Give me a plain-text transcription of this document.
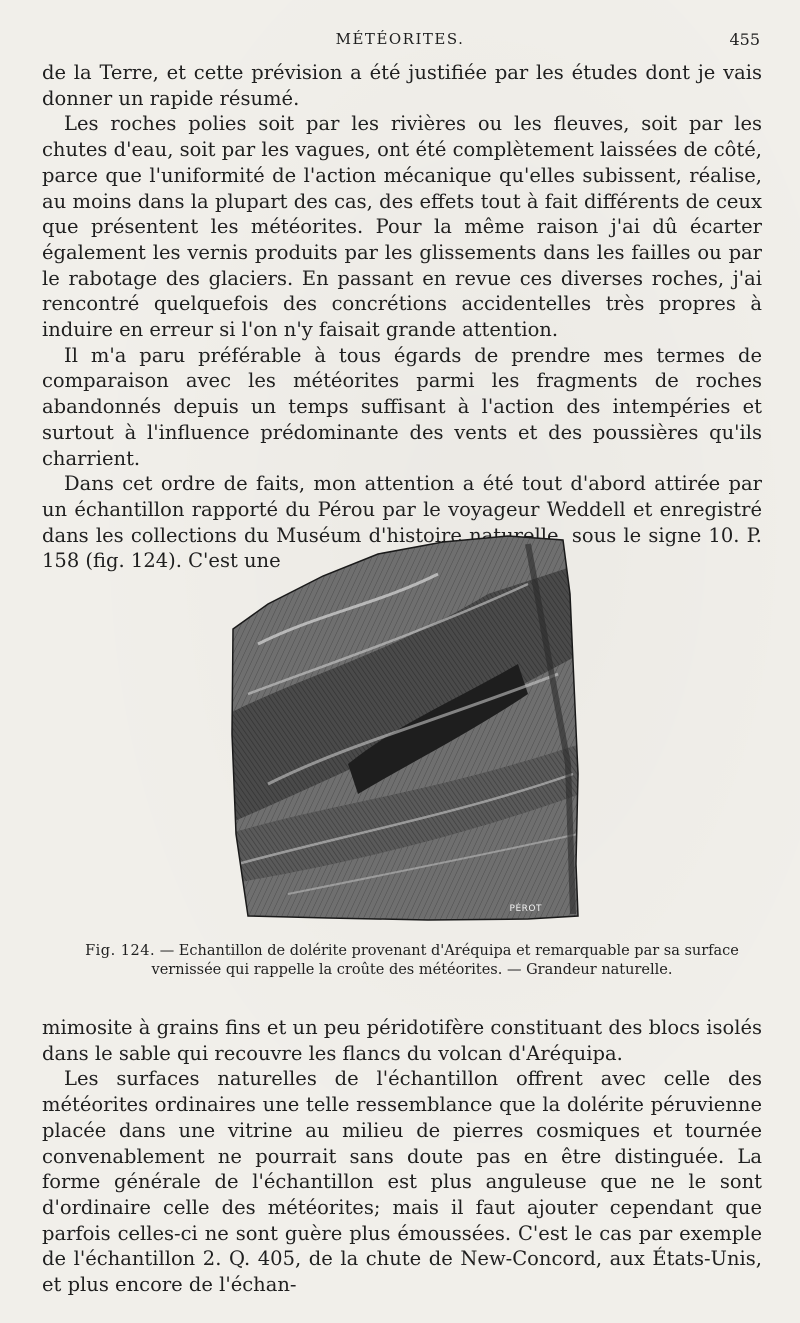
MÉTÉORITES.	455

de la Terre, et cette prévision a été justifiée par les études dont je vais donner un rapide résumé.

Les roches polies soit par les rivières ou les fleuves, soit par les chutes d'eau, soit par les vagues, ont été complètement laissées de côté, parce que l'uniformité de l'action mécanique qu'elles subissent, réalise, au moins dans la plupart des cas, des effets tout à fait différents de ceux que présentent les météorites. Pour la même raison j'ai dû écarter également les vernis produits par les glissements dans les failles ou par le rabotage des glaciers. En passant en revue ces diverses roches, j'ai rencontré quelquefois des concrétions accidentelles très propres à induire en erreur si l'on n'y faisait grande attention.

Il m'a paru préférable à tous égards de prendre mes termes de comparaison avec les météorites parmi les fragments de roches abandonnés depuis un temps suffisant à l'action des intempéries et surtout à l'influence prédominante des vents et des poussières qu'ils charrient.

Dans cet ordre de faits, mon attention a été tout d'abord attirée par un échantillon rapporté du Pérou par le voyageur Weddell et enregistré dans les collections du Muséum d'histoire naturelle, sous le signe 10. P. 158 (fig. 124). C'est une

PÉROT
Fig. 124. — Echantillon de dolérite provenant d'Aréquipa et remarquable par sa surface vernissée qui rappelle la croûte des météorites. — Grandeur naturelle.

mimosite à grains fins et un peu péridotifère constituant des blocs isolés dans le sable qui recouvre les flancs du volcan d'Aréquipa.

Les surfaces naturelles de l'échantillon offrent avec celle des météorites ordinaires une telle ressemblance que la dolérite péruvienne placée dans une vitrine au milieu de pierres cosmiques et tournée convenablement ne pourrait sans doute pas en être distinguée. La forme générale de l'échantillon est plus anguleuse que ne le sont d'ordinaire celle des météorites; mais il faut ajouter cependant que parfois celles-ci ne sont guère plus émoussées. C'est le cas par exemple de l'échantillon 2. Q. 405, de la chute de New-Concord, aux États-Unis, et plus encore de l'échan-
